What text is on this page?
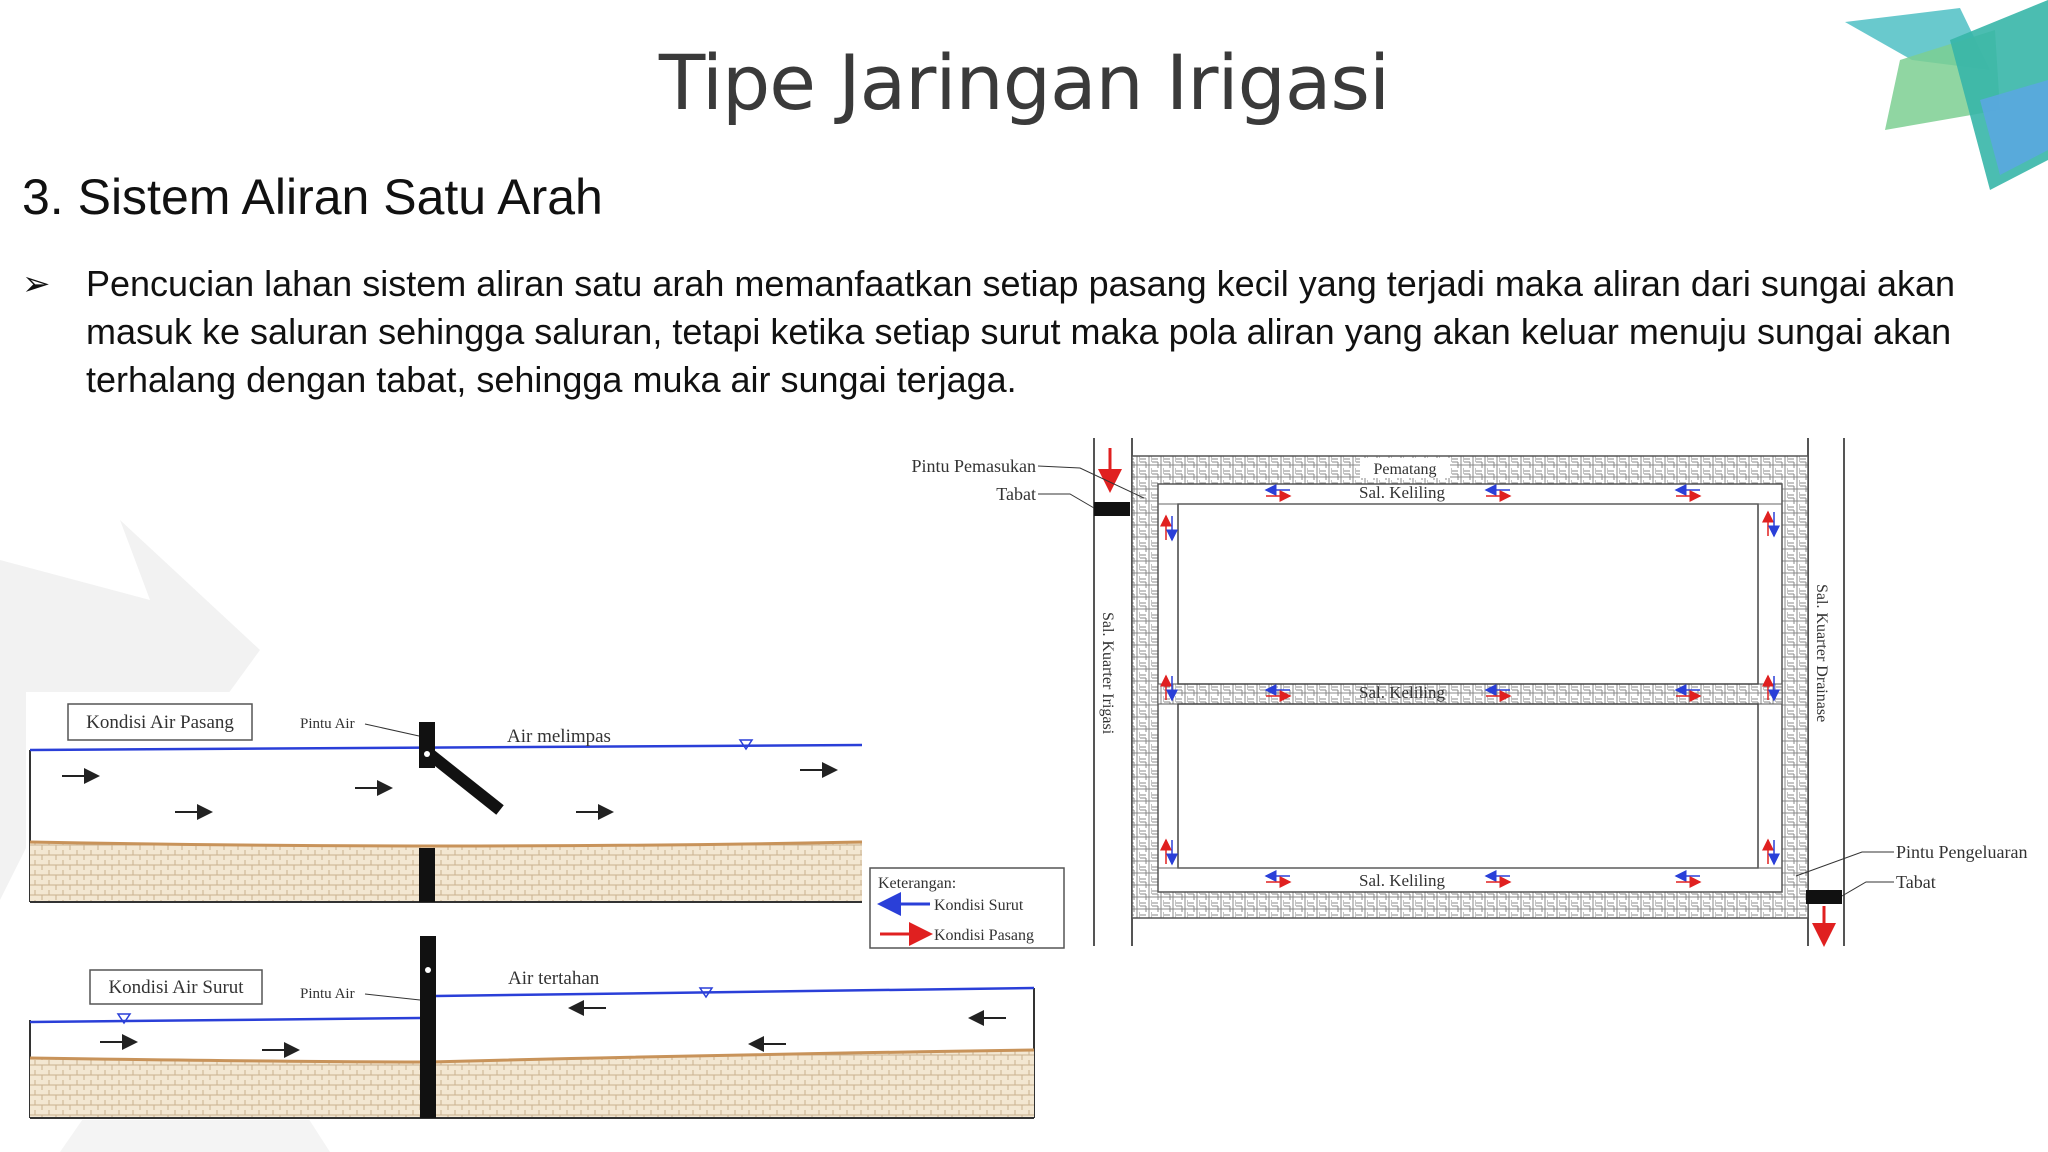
Tipe Jaringan Irigasi
3. Sistem Aliran Satu Arah
➢ Pencucian lahan sistem aliran satu arah memanfaatkan setiap pasang kecil yang terjadi maka aliran dari sungai akan masuk ke saluran sehingga saluran, tetapi ketika setiap surut maka pola aliran yang akan keluar menuju sungai akan terhalang dengan tabat, sehingga muka air sungai terjaga.
Kondisi Air Pasang	Pintu Air
Air melimpas
Kondisi Air Surut	Pintu Air
Air tertahan
Keterangan:
Kondisi Surut
Kondisi Pasang
Pematang
Sal. Keliling
Sal. Keliling
Sal. Keliling
Sal. Kuarter Irigasi	Sal. Kuarter Drainase
Pintu Pemasukan
Tabat
Pintu Pengeluaran
Tabat
